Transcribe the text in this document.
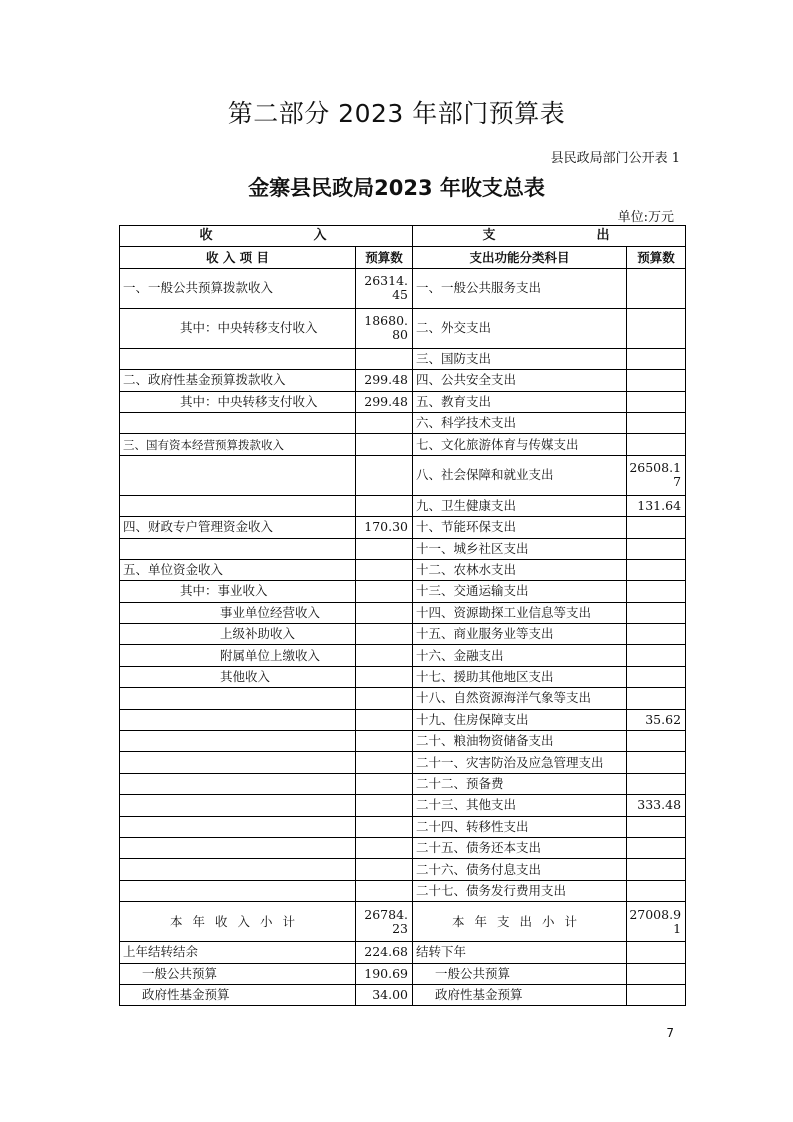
第二部分 2023 年部门预算表
县民政局部门公开表 1
金寨县民政局2023 年收支总表
单位:万元
收　　　　　入		支　　　　　出	
收 入 项 目	预算数	支出功能分类科目	预算数
一、一般公共预算拨款收入	26314.45	一、一般公共服务支出	
其中：中央转移支付收入	18680.80	二、外交支出	
		三、国防支出	
二、政府性基金预算拨款收入	299.48	四、公共安全支出	
其中：中央转移支付收入	299.48	五、教育支出	
		六、科学技术支出	
三、国有资本经营预算拨款收入		七、文化旅游体育与传媒支出	
		八、社会保障和就业支出	26508.17
		九、卫生健康支出	131.64
四、财政专户管理资金收入	170.30	十、节能环保支出	
		十一、城乡社区支出	
五、单位资金收入		十二、农林水支出	
其中：事业收入		十三、交通运输支出	
事业单位经营收入		十四、资源勘探工业信息等支出	
上级补助收入		十五、商业服务业等支出	
附属单位上缴收入		十六、金融支出	
其他收入		十七、援助其他地区支出	
		十八、自然资源海洋气象等支出	
		十九、住房保障支出	35.62
		二十、粮油物资储备支出	
		二十一、灾害防治及应急管理支出	
		二十二、预备费	
		二十三、其他支出	333.48
		二十四、转移性支出	
		二十五、债务还本支出	
		二十六、债务付息支出	
		二十七、债务发行费用支出	
本年收入小计	26784.23	本年支出小计	27008.91
上年结转结余	224.68	结转下年	
一般公共预算	190.69	一般公共预算	
政府性基金预算	34.00	政府性基金预算	
7
